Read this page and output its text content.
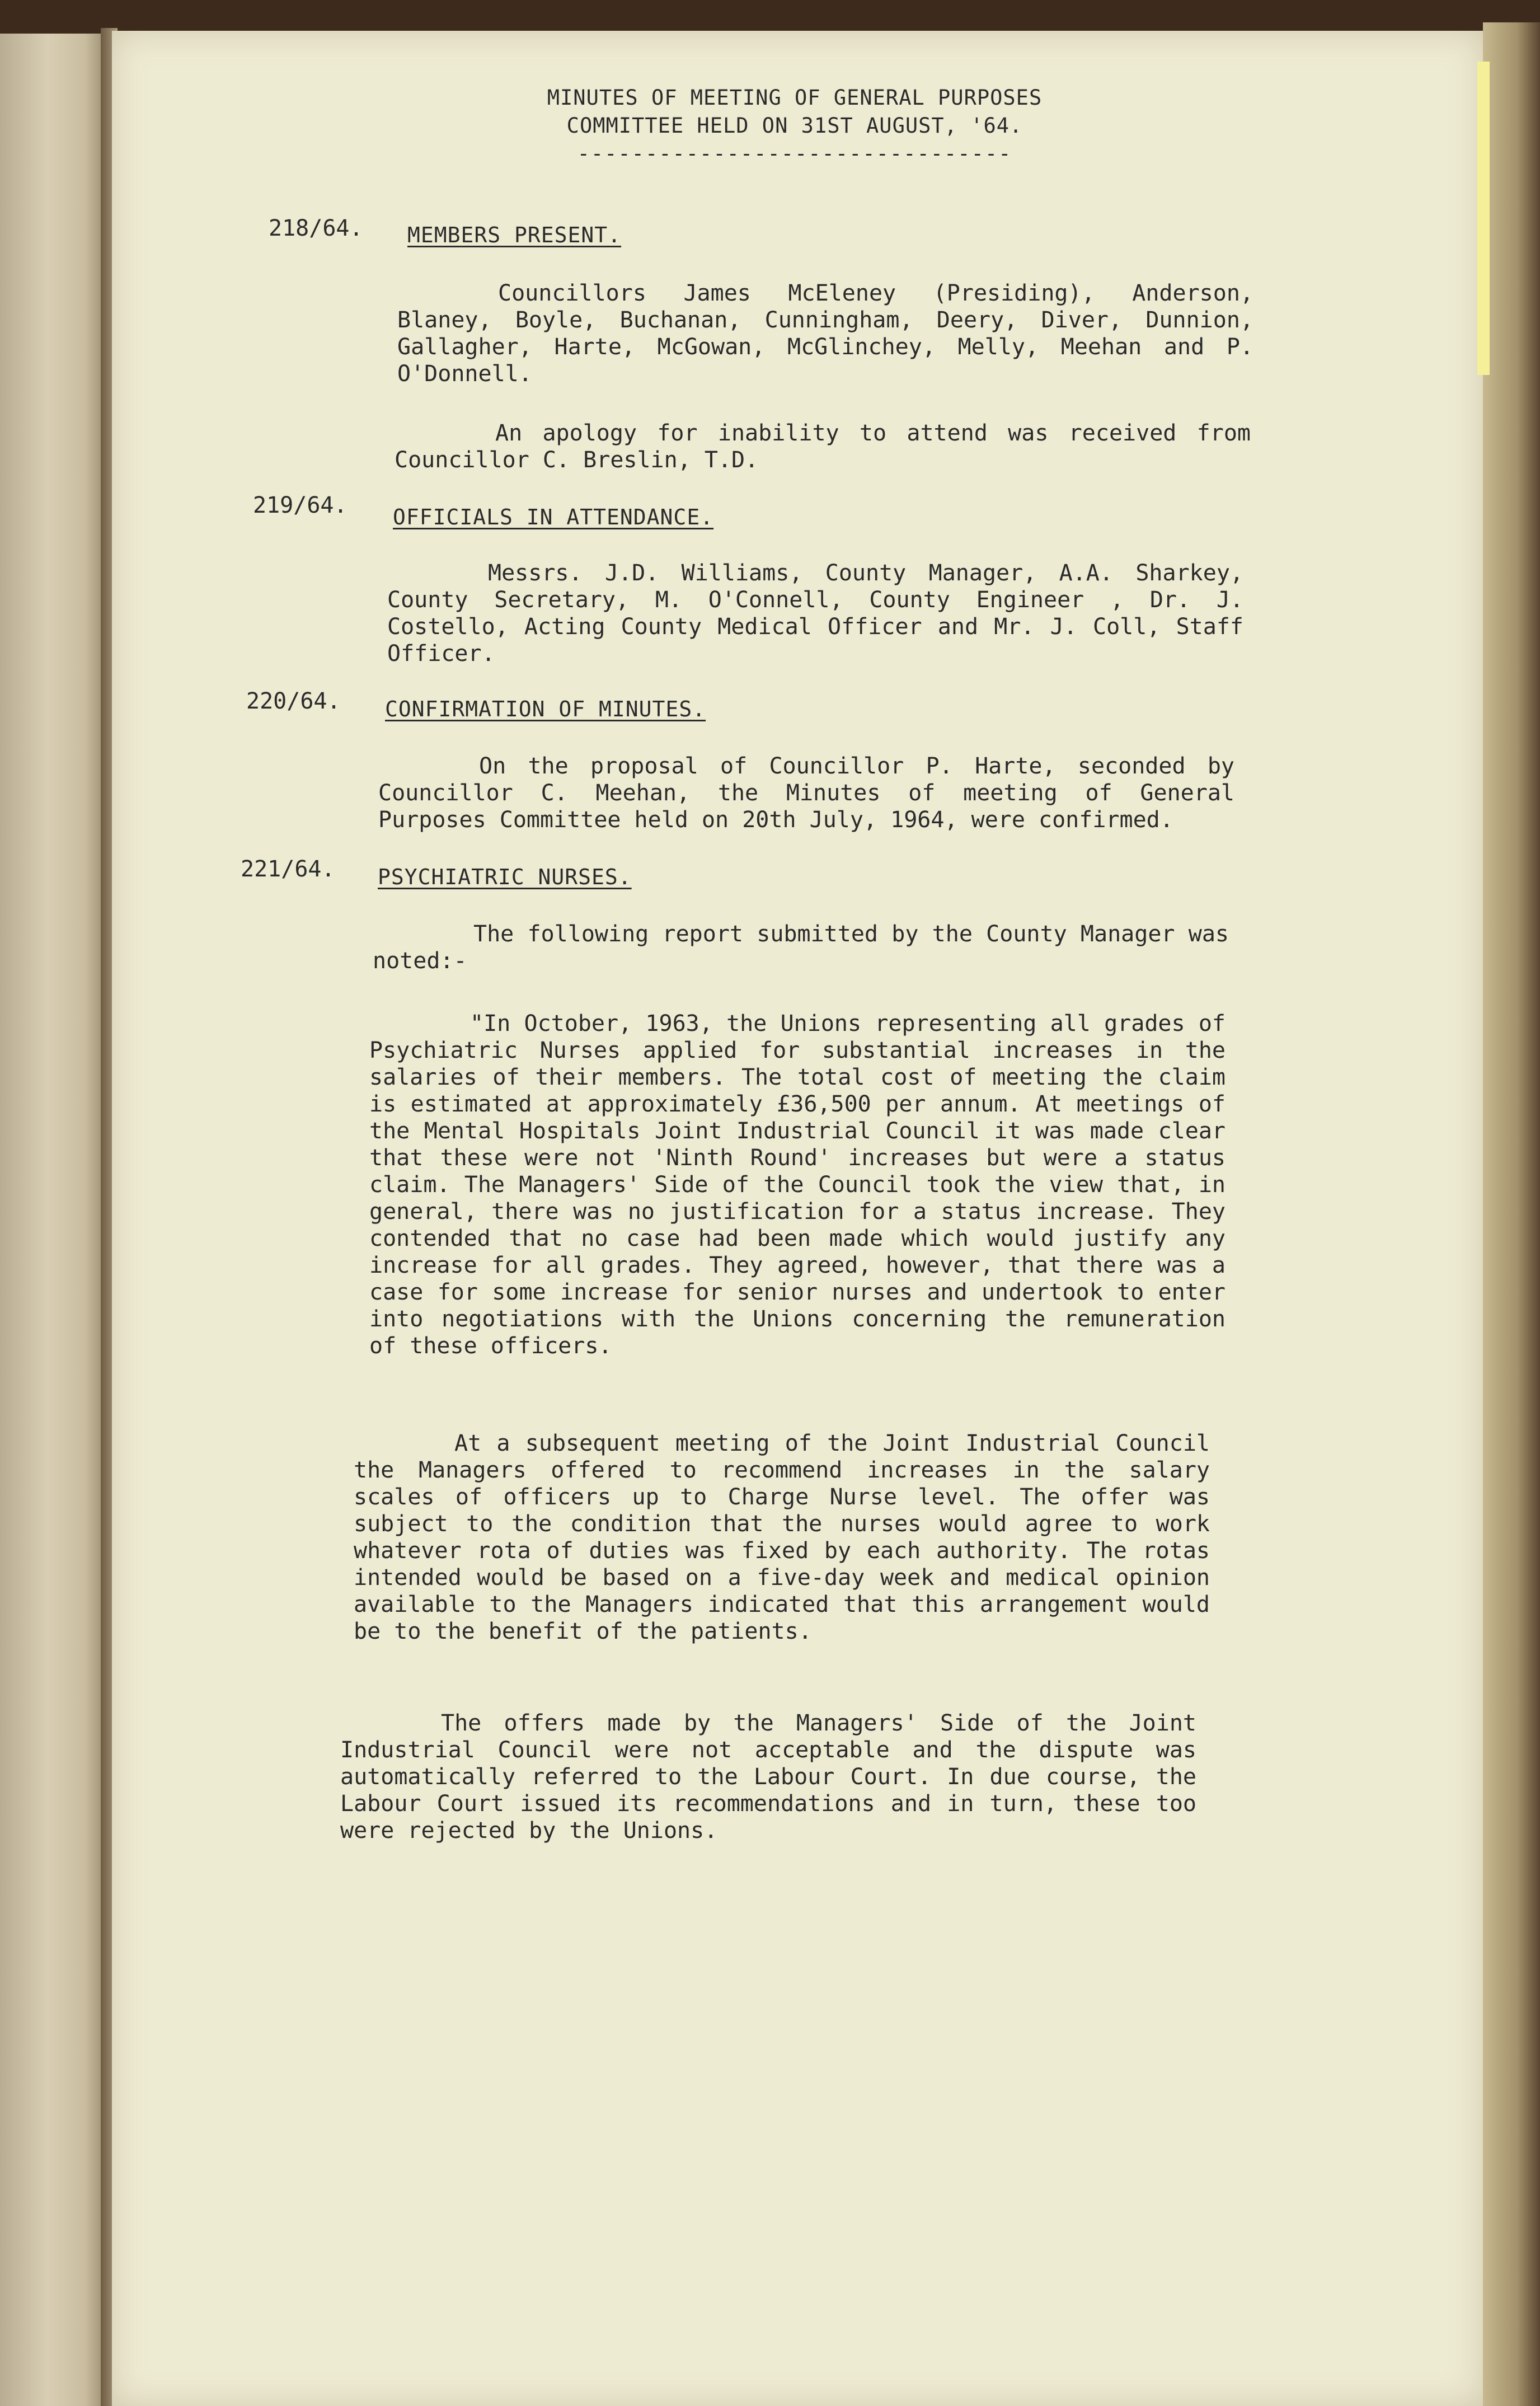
MINUTES OF MEETING OF GENERAL PURPOSES
COMMITTEE HELD ON 31ST AUGUST, '64.
--------------------------------
218/64. MEMBERS PRESENT.
Councillors James McEleney (Presiding), Anderson, Blaney, Boyle, Buchanan, Cunningham, Deery, Diver, Dunnion, Gallagher, Harte, McGowan, McGlinchey, Melly, Meehan and P. O'Donnell.
An apology for inability to attend was received from Councillor C. Breslin, T.D.
219/64. OFFICIALS IN ATTENDANCE.
Messrs. J.D. Williams, County Manager, A.A. Sharkey, County Secretary, M. O'Connell, County Engineer , Dr. J. Costello, Acting County Medical Officer and Mr. J. Coll, Staff Officer.
220/64. CONFIRMATION OF MINUTES.
On the proposal of Councillor P. Harte, seconded by Councillor C. Meehan, the Minutes of meeting of General Purposes Committee held on 20th July, 1964, were confirmed.
221/64. PSYCHIATRIC NURSES.
The following report submitted by the County Manager was noted:-
"In October, 1963, the Unions representing all grades of Psychiatric Nurses applied for substantial increases in the salaries of their members. The total cost of meeting the claim is estimated at approximately £36,500 per annum. At meetings of the Mental Hospitals Joint Industrial Council it was made clear that these were not 'Ninth Round' increases but were a status claim. The Managers' Side of the Council took the view that, in general, there was no justification for a status increase. They contended that no case had been made which would justify any increase for all grades. They agreed, however, that there was a case for some increase for senior nurses and undertook to enter into negotiations with the Unions concerning the remuneration of these officers.
At a subsequent meeting of the Joint Industrial Council the Managers offered to recommend increases in the salary scales of officers up to Charge Nurse level. The offer was subject to the condition that the nurses would agree to work whatever rota of duties was fixed by each authority. The rotas intended would be based on a five-day week and medical opinion available to the Managers indicated that this arrangement would be to the benefit of the patients.
The offers made by the Managers' Side of the Joint Industrial Council were not acceptable and the dispute was automatically referred to the Labour Court. In due course, the Labour Court issued its recommendations and in turn, these too were rejected by the Unions.
